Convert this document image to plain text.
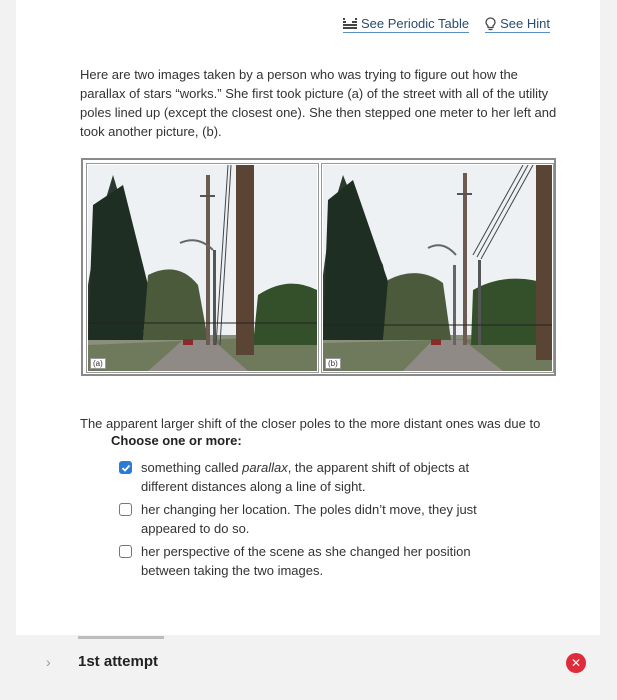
See Periodic Table See Hint

Here are two images taken by a person who was trying to figure out how the parallax of stars “works.” She first took picture (a) of the street with all of the utility poles lined up (except the closest one). She then stepped one meter to her left and took another picture, (b).

(a)	(b)

The apparent larger shift of the closer poles to the more distant ones was due to

Choose one or more:
something called parallax, the apparent shift of objects at different distances along a line of sight.
her changing her location. The poles didn’t move, they just appeared to do so.
her perspective of the scene as she changed her position between taking the two images.
› 1st attempt	✕
